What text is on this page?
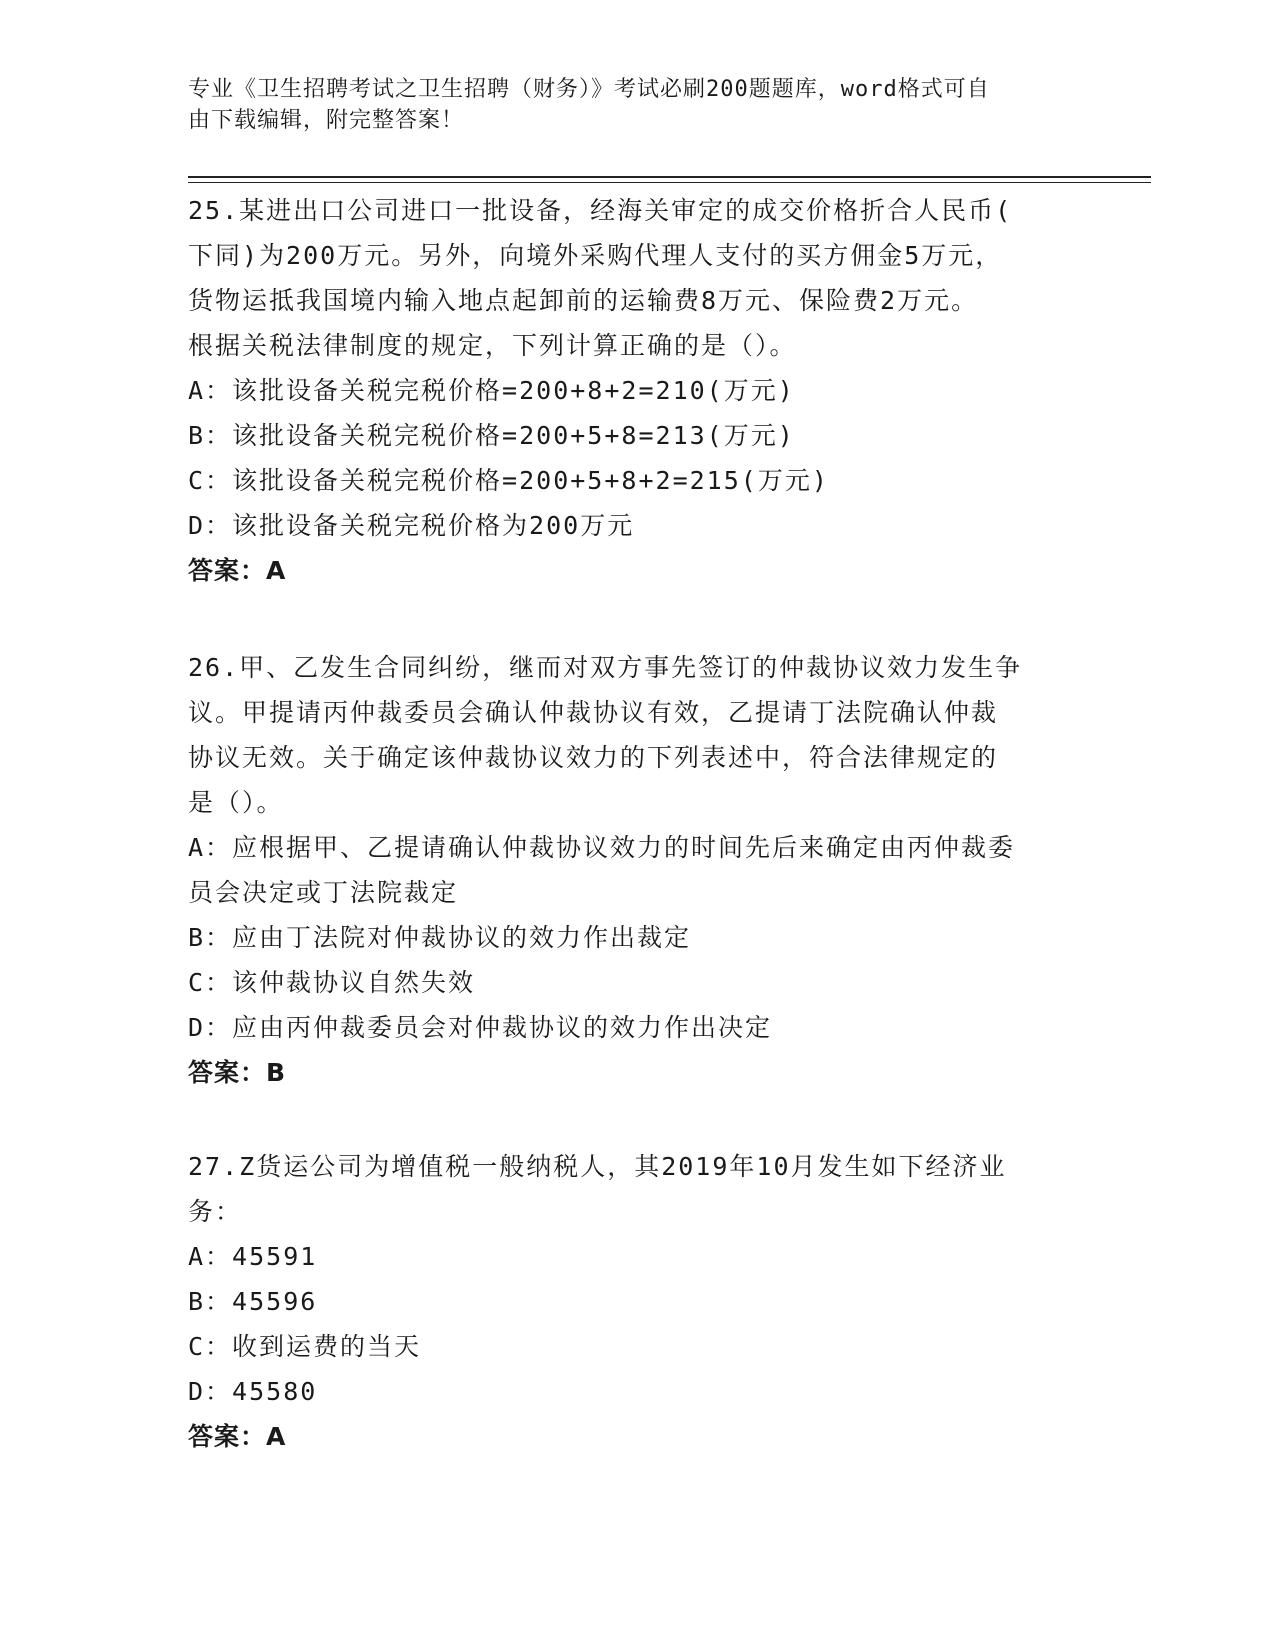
专业《卫生招聘考试之卫生招聘（财务）》考试必刷200题题库，word格式可自
由下载编辑，附完整答案！

25.某进出口公司进口一批设备，经海关审定的成交价格折合人民币(

下同)为200万元。另外，向境外采购代理人支付的买方佣金5万元，

货物运抵我国境内输入地点起卸前的运输费8万元、保险费2万元。

根据关税法律制度的规定，下列计算正确的是（）。

A：该批设备关税完税价格=200+8+2=210(万元)

B：该批设备关税完税价格=200+5+8=213(万元)

C：该批设备关税完税价格=200+5+8+2=215(万元)

D：该批设备关税完税价格为200万元

答案：A

26.甲、乙发生合同纠纷，继而对双方事先签订的仲裁协议效力发生争

议。甲提请丙仲裁委员会确认仲裁协议有效，乙提请丁法院确认仲裁

协议无效。关于确定该仲裁协议效力的下列表述中，符合法律规定的

是（）。

A：应根据甲、乙提请确认仲裁协议效力的时间先后来确定由丙仲裁委

员会决定或丁法院裁定

B：应由丁法院对仲裁协议的效力作出裁定

C：该仲裁协议自然失效

D：应由丙仲裁委员会对仲裁协议的效力作出决定

答案：B

27.Z货运公司为增值税一般纳税人，其2019年10月发生如下经济业

务：

A：45591

B：45596

C：收到运费的当天

D：45580

答案：A
